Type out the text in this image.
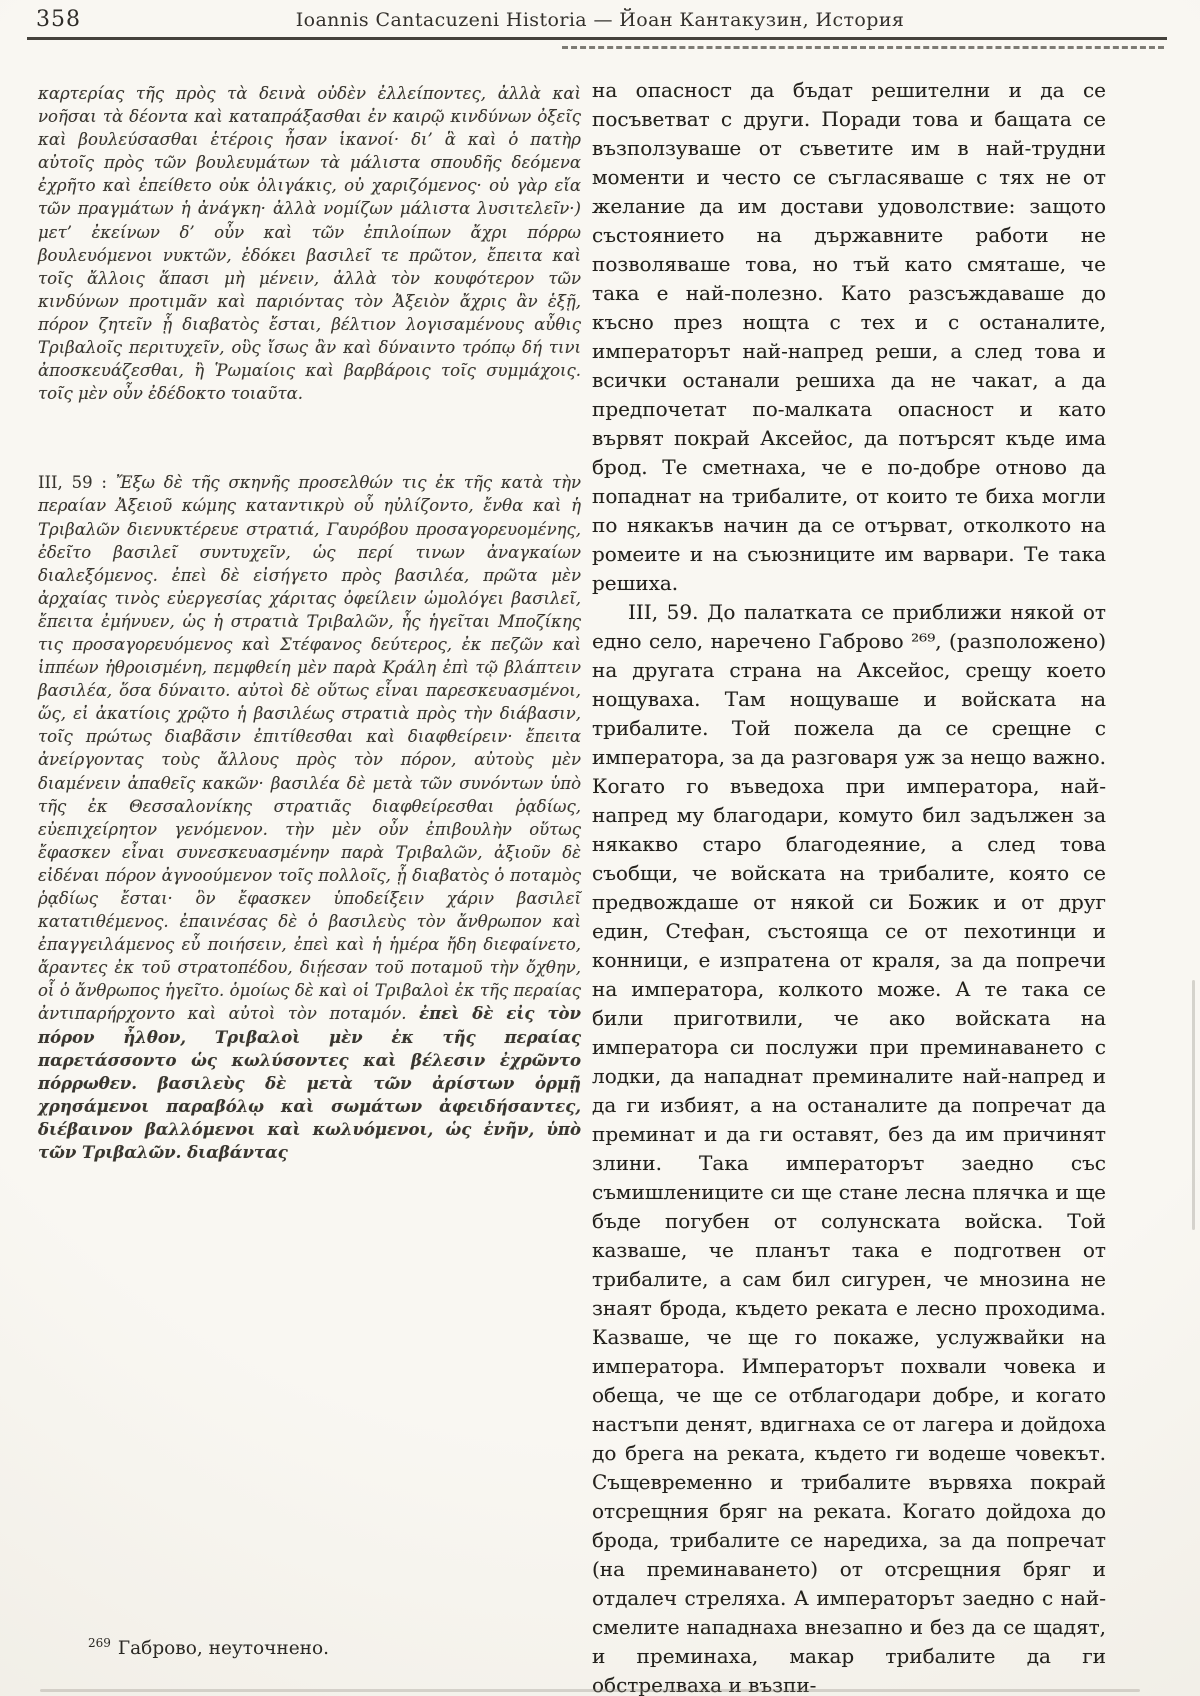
358	Ioannis Cantacuzeni Historia — Йоан Кантакузин, История

καρτερίας τῆς πρὸς τὰ δεινὰ οὐδὲν ἐλλείποντες, ἀλλὰ καὶ νοῆσαι τὰ δέοντα καὶ καταπράξασθαι ἐν καιρῷ κινδύνων ὀξεῖς καὶ βουλεύσασθαι ἑτέροις ἦσαν ἱκανοί· δι’ ἃ καὶ ὁ πατὴρ αὐτοῖς πρὸς τῶν βουλευμάτων τὰ μάλιστα σπουδῆς δεόμενα ἐχρῆτο καὶ ἐπείθετο οὐκ ὀλιγάκις, οὐ χαριζόμενος· οὐ γὰρ εἴα τῶν πραγμάτων ἡ ἀνάγκη· ἀλλὰ νομίζων μάλιστα λυσιτελεῖν·) μετ’ ἐκείνων δ’ οὖν καὶ τῶν ἐπιλοίπων ἄχρι πόρρω βουλευόμενοι νυκτῶν, ἐδόκει βασιλεῖ τε πρῶτον, ἔπειτα καὶ τοῖς ἄλλοις ἅπασι μὴ μένειν, ἀλλὰ τὸν κουφότερον τῶν κινδύνων προτιμᾶν καὶ παριόντας τὸν Ἀξειὸν ἄχρις ἂν ἑξῇ, πόρον ζητεῖν ᾗ διαβατὸς ἔσται, βέλτιον λογισαμένους αὖθις Τριβαλοῖς περιτυχεῖν, οὓς ἴσως ἂν καὶ δύναιντο τρόπῳ δή τινι ἀποσκευάζεσθαι, ἢ Ῥωμαίοις καὶ βαρβάροις τοῖς συμμάχοις. τοῖς μὲν οὖν ἐδέδοκτο τοιαῦτα.

III, 59 : Ἔξω δὲ τῆς σκηνῆς προσελθών τις ἐκ τῆς κατὰ τὴν περαίαν Ἀξειοῦ κώμης καταντικρὺ οὗ ηὐλίζοντο, ἔνθα καὶ ἡ Τριβαλῶν διενυκτέρευε στρατιά, Γαυρόβου προσαγορευομένης, ἐδεῖτο βασιλεῖ συντυχεῖν, ὡς περί τινων ἀναγκαίων διαλεξόμενος. ἐπεὶ δὲ εἰσήγετο πρὸς βασιλέα, πρῶτα μὲν ἀρχαίας τινὸς εὐεργεσίας χάριτας ὀφείλειν ὡμολόγει βασιλεῖ, ἔπειτα ἐμήνυεν, ὡς ἡ στρατιὰ Τριβαλῶν, ἧς ἡγεῖται Μποζίκης τις προσαγορευόμενος καὶ Στέφανος δεύτερος, ἐκ πεζῶν καὶ ἱππέων ἠθροισμένη, πεμφθείη μὲν παρὰ Κράλη ἐπὶ τῷ βλάπτειν βασιλέα, ὅσα δύναιτο. αὐτοὶ δὲ οὕτως εἶναι παρεσκευασμένοι, ὥς, εἰ ἀκατίοις χρῷτο ἡ βασιλέως στρατιὰ πρὸς τὴν διάβασιν, τοῖς πρώτως διαβᾶσιν ἐπιτίθεσθαι καὶ διαφθείρειν· ἔπειτα ἀνείργοντας τοὺς ἄλλους πρὸς τὸν πόρον, αὐτοὺς μὲν διαμένειν ἀπαθεῖς κακῶν· βασιλέα δὲ μετὰ τῶν συνόντων ὑπὸ τῆς ἐκ Θεσσαλονίκης στρατιᾶς διαφθείρεσθαι ῥᾳδίως, εὐεπιχείρητον γενόμενον. τὴν μὲν οὖν ἐπιβουλὴν οὕτως ἔφασκεν εἶναι συνεσκευασμένην παρὰ Τριβαλῶν, ἀξιοῦν δὲ εἰδέναι πόρον ἀγνοούμενον τοῖς πολλοῖς, ᾗ διαβατὸς ὁ ποταμὸς ῥᾳδίως ἔσται· ὃν ἔφασκεν ὑποδείξειν χάριν βασιλεῖ κατατιθέμενος. ἐπαινέσας δὲ ὁ βασιλεὺς τὸν ἄνθρωπον καὶ ἐπαγγειλάμενος εὖ ποιήσειν, ἐπεὶ καὶ ἡ ἡμέρα ἤδη διεφαίνετο, ἄραντες ἐκ τοῦ στρατοπέδου, διῄεσαν τοῦ ποταμοῦ τὴν ὄχθην, οἷ ὁ ἄνθρωπος ἡγεῖτο. ὁμοίως δὲ καὶ οἱ Τριβαλοὶ ἐκ τῆς περαίας ἀντιπαρήρχοντο καὶ αὐτοὶ τὸν ποταμόν. ἐπεὶ δὲ εἰς τὸν πόρον ἦλθον, Τριβαλοὶ μὲν ἐκ τῆς περαίας παρετάσσοντο ὡς κωλύσοντες καὶ βέλεσιν ἐχρῶντο πόρρωθεν. βασιλεὺς δὲ μετὰ τῶν ἀρίστων ὁρμῇ χρησάμενοι παραβόλῳ καὶ σωμάτων ἀφειδήσαντες, διέβαινον βαλλόμενοι καὶ κωλυόμενοι, ὡς ἐνῆν, ὑπὸ τῶν Τριβαλῶν. διαβάντας

на опасност да бъдат решителни и да се посъветват с други. Поради това и бащата се възползуваше от съветите им в най-трудни моменти и често се съгласяваше с тях не от желание да им достави удоволствие: защото състоянието на държавните работи не позволяваше това, но тъй като смяташе, че така е най-полезно. Като разсъждаваше до късно през нощта с тех и с останалите, императорът най-напред реши, а след това и всички останали решиха да не чакат, а да предпочетат по-малката опасност и като вървят покрай Аксейос, да потърсят къде има брод. Те сметнаха, че е по-добре отново да попаднат на трибалите, от които те биха могли по някакъв начин да се отърват, отколкото на ромеите и на съюзниците им варвари. Те така решиха.

III, 59. До палатката се приближи някой от едно село, наречено Габрово ²⁶⁹, (разположено) на другата страна на Аксейос, срещу което нощуваха. Там нощуваше и войската на трибалите. Той пожела да се срещне с императора, за да разговаря уж за нещо важно. Когато го въведоха при императора, най-напред му благодари, комуто бил задължен за някакво старо благодеяние, а след това съобщи, че войската на трибалите, която се предвождаше от някой си Божик и от друг един, Стефан, състояща се от пехотинци и конници, е изпратена от краля, за да попречи на императора, колкото може. А те така се били приготвили, че ако войската на императора си послужи при преминаването с лодки, да нападнат преминалите най-напред и да ги избият, а на останалите да попречат да преминат и да ги оставят, без да им причинят злини. Така императорът заедно със съмишлениците си ще стане лесна плячка и ще бъде погубен от солунската войска. Той казваше, че планът така е подготвен от трибалите, а сам бил сигурен, че мнозина не знаят брода, където реката е лесно проходима. Казваше, че ще го покаже, услужвайки на императора. Императорът похвали човека и обеща, че ще се отблагодари добре, и когато настъпи денят, вдигнаха се от лагера и дойдоха до брега на реката, където ги водеше човекът. Същевременно и трибалите вървяха покрай отсрещния бряг на реката. Когато дойдоха до брода, трибалите се наредиха, за да попречат (на преминаването) от отсрещния бряг и отдалеч стреляха. А императорът заедно с най-смелите нападнаха внезапно и без да се щадят, и преминаха, макар трибалите да ги обстрелваха и възпи-

$^{269}$ Габрово, неуточнено.
